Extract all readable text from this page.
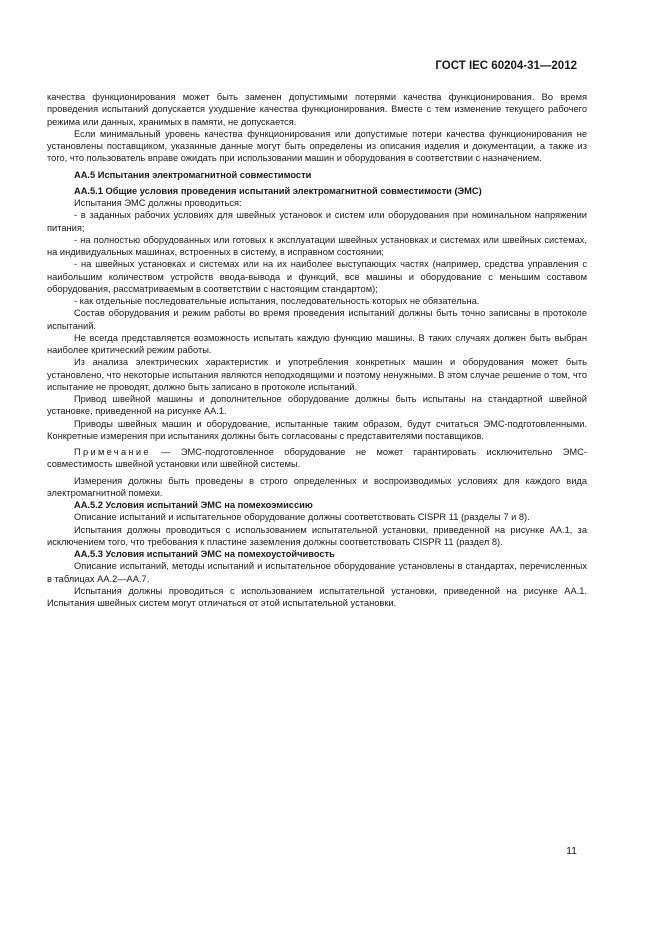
ГОСТ IEC 60204-31—2012

качества функционирования может быть заменен допустимыми потерями качества функционирования. Во время проведения испытаний допускается ухудшение качества функционирования. Вместе с тем изменение текущего рабочего режима или данных, хранимых в памяти, не допускается.

Если минимальный уровень качества функционирования или допустимые потери качества функционирования не установлены поставщиком, указанные данные могут быть определены из описания изделия и документации, а также из того, что пользователь вправе ожидать при использовании машин и оборудования в соответствии с назначением.

АА.5 Испытания электромагнитной совместимости

АА.5.1 Общие условия проведения испытаний электромагнитной совместимости (ЭМС)

Испытания ЭМС должны проводиться:

- в заданных рабочих условиях для швейных установок и систем или оборудования при номинальном напряжении питания;

- на полностью оборудованных или готовых к эксплуатации швейных установках и системах или швейных системах, на индивидуальных машинах, встроенных в систему, в исправном состоянии;

- на швейных установках и системах или на их наиболее выступающих частях (например, средства управления с наибольшим количеством устройств ввода-вывода и функций, все машины и оборудование с меньшим составом оборудования, рассматриваемым в соответствии с настоящим стандартом);

- как отдельные последовательные испытания, последовательность которых не обязательна.

Состав оборудования и режим работы во время проведения испытаний должны быть точно записаны в протоколе испытаний.

Не всегда представляется возможность испытать каждую функцию машины. В таких случаях должен быть выбран наиболее критический режим работы.

Из анализа электрических характеристик и употребления конкретных машин и оборудования может быть установлено, что некоторые испытания являются неподходящими и поэтому ненужными. В этом случае решение о том, что испытание не проводят, должно быть записано в протоколе испытаний.

Привод швейной машины и дополнительное оборудование должны быть испытаны на стандартной швейной установке, приведенной на рисунке АА.1.

Приводы швейных машин и оборудование, испытанные таким образом, будут считаться ЭМС-подготовленными. Конкретные измерения при испытаниях должны быть согласованы с представителями поставщиков.

Примечание — ЭМС-подготовленное оборудование не может гарантировать исключительно ЭМС-совместимость швейной установки или швейной системы.

Измерения должны быть проведены в строго определенных и воспроизводимых условиях для каждого вида электромагнитной помехи.

АА.5.2 Условия испытаний ЭМС на помехоэмиссию

Описание испытаний и испытательное оборудование должны соответствовать CISPR 11 (разделы 7 и 8).

Испытания должны проводиться с использованием испытательной установки, приведенной на рисунке АА.1, за исключением того, что требования к пластине заземления должны соответствовать CISPR 11 (раздел 8).

АА.5.3 Условия испытаний ЭМС на помехоустойчивость

Описание испытаний, методы испытаний и испытательное оборудование установлены в стандартах, перечисленных в таблицах АА.2—АА.7.

Испытания должны проводиться с использованием испытательной установки, приведенной на рисунке АА.1. Испытания швейных систем могут отличаться от этой испытательной установки.

11
